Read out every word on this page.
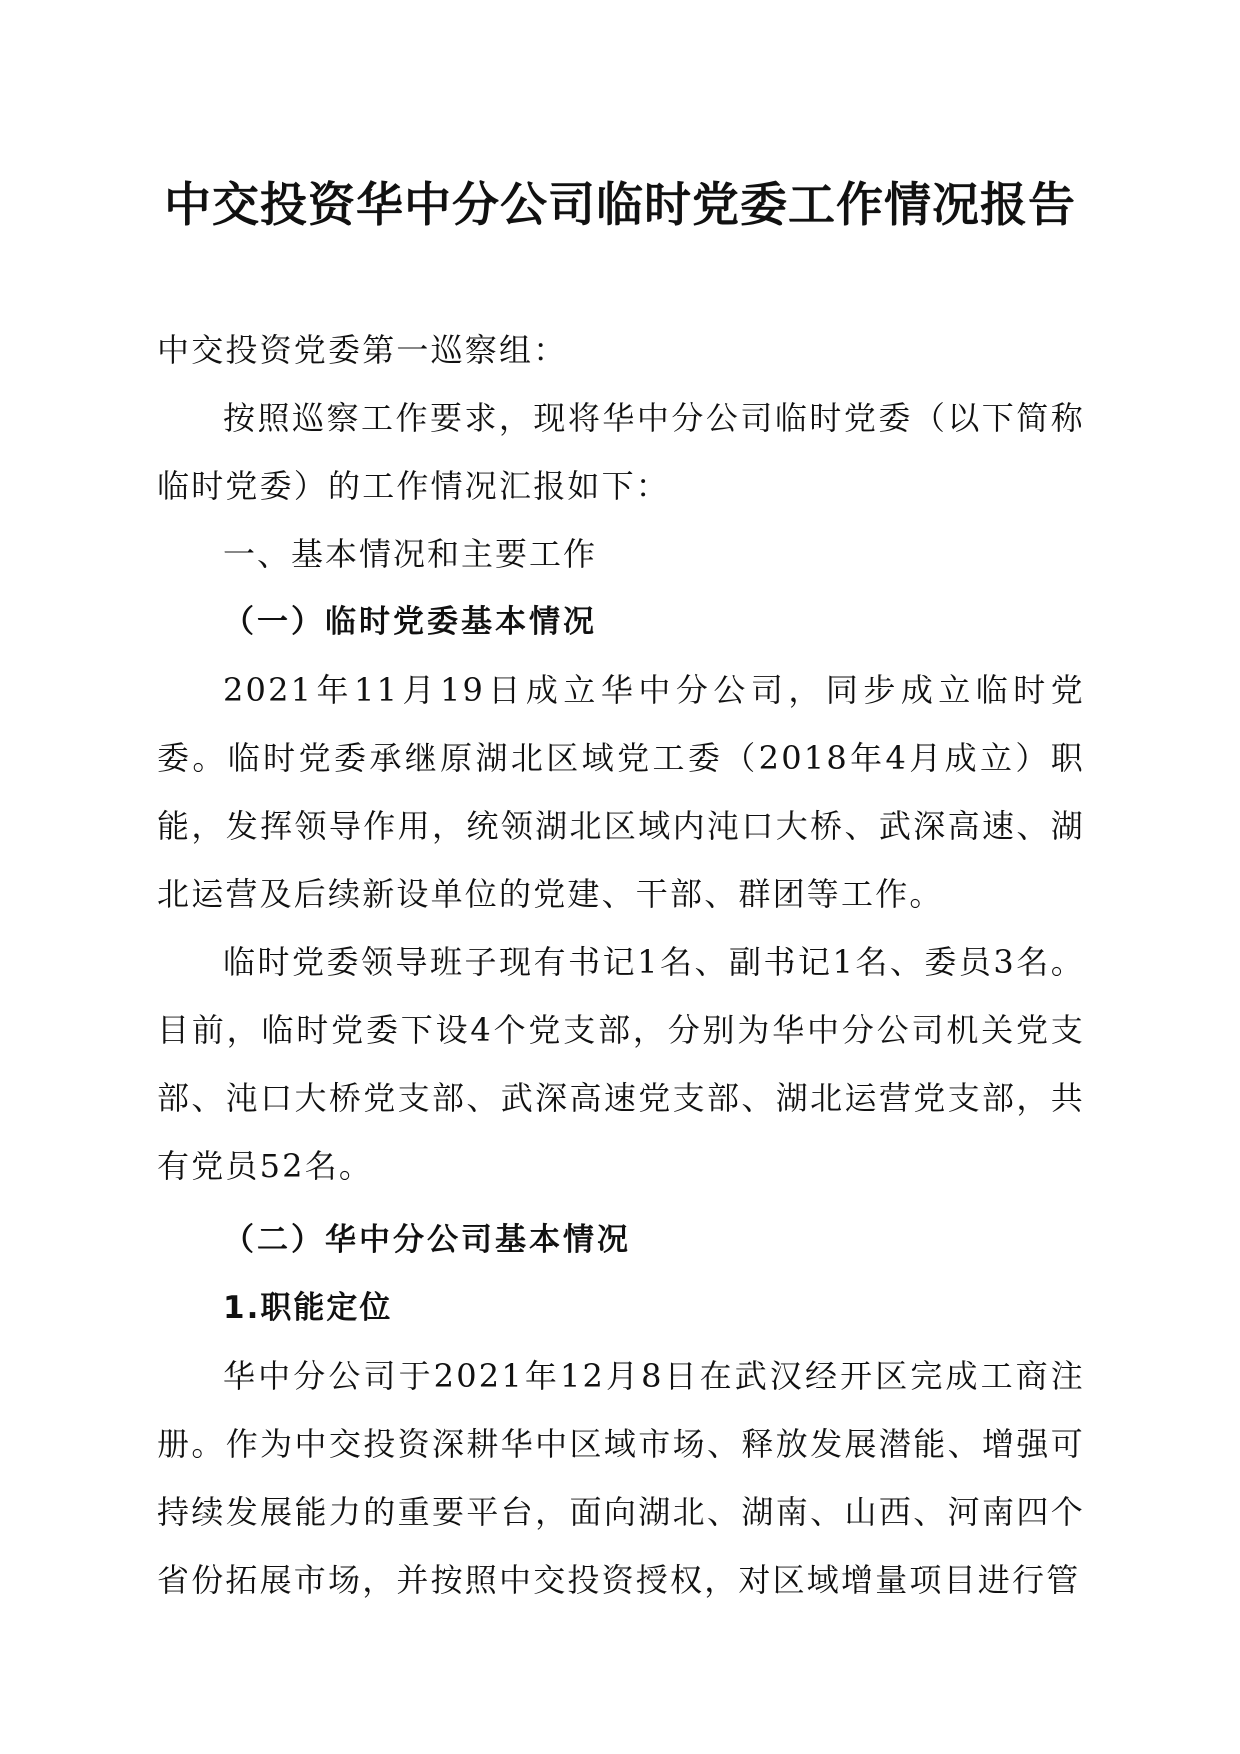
中交投资华中分公司临时党委工作情况报告

中交投资党委第一巡察组：

按照巡察工作要求，现将华中分公司临时党委（以下简称临时党委）的工作情况汇报如下：

一、基本情况和主要工作

（一）临时党委基本情况

2021年11月19日成立华中分公司，同步成立临时党委。临时党委承继原湖北区域党工委（2018年4月成立）职能，发挥领导作用，统领湖北区域内沌口大桥、武深高速、湖北运营及后续新设单位的党建、干部、群团等工作。

临时党委领导班子现有书记1名、副书记1名、委员3名。目前，临时党委下设4个党支部，分别为华中分公司机关党支部、沌口大桥党支部、武深高速党支部、湖北运营党支部，共有党员52名。

（二）华中分公司基本情况

1.职能定位

华中分公司于2021年12月8日在武汉经开区完成工商注册。作为中交投资深耕华中区域市场、释放发展潜能、增强可持续发展能力的重要平台，面向湖北、湖南、山西、河南四个省份拓展市场，并按照中交投资授权，对区域增量项目进行管
